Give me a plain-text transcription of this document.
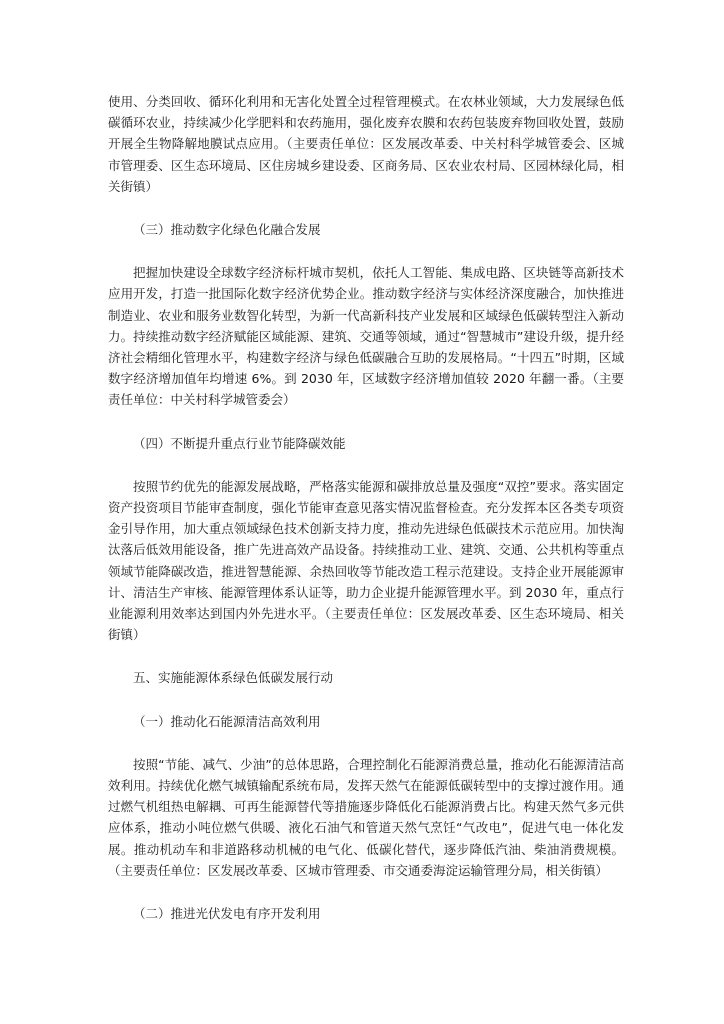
使用、分类回收、循环化利用和无害化处置全过程管理模式。在农林业领域，大力发展绿色低碳循环农业，持续减少化学肥料和农药施用，强化废弃农膜和农药包装废弃物回收处置，鼓励开展全生物降解地膜试点应用。（主要责任单位：区发展改革委、中关村科学城管委会、区城市管理委、区生态环境局、区住房城乡建设委、区商务局、区农业农村局、区园林绿化局，相关街镇）

（三）推动数字化绿色化融合发展

把握加快建设全球数字经济标杆城市契机，依托人工智能、集成电路、区块链等高新技术应用开发，打造一批国际化数字经济优势企业。推动数字经济与实体经济深度融合，加快推进制造业、农业和服务业数智化转型，为新一代高新科技产业发展和区域绿色低碳转型注入新动力。持续推动数字经济赋能区域能源、建筑、交通等领域，通过“智慧城市”建设升级，提升经济社会精细化管理水平，构建数字经济与绿色低碳融合互助的发展格局。“十四五”时期，区域数字经济增加值年均增速 6%。到 2030 年，区域数字经济增加值较 2020 年翻一番。（主要责任单位：中关村科学城管委会）

（四）不断提升重点行业节能降碳效能

按照节约优先的能源发展战略，严格落实能源和碳排放总量及强度“双控”要求。落实固定资产投资项目节能审查制度，强化节能审查意见落实情况监督检查。充分发挥本区各类专项资金引导作用，加大重点领域绿色技术创新支持力度，推动先进绿色低碳技术示范应用。加快淘汰落后低效用能设备，推广先进高效产品设备。持续推动工业、建筑、交通、公共机构等重点领域节能降碳改造，推进智慧能源、余热回收等节能改造工程示范建设。支持企业开展能源审计、清洁生产审核、能源管理体系认证等，助力企业提升能源管理水平。到 2030 年，重点行业能源利用效率达到国内外先进水平。（主要责任单位：区发展改革委、区生态环境局、相关街镇）

五、实施能源体系绿色低碳发展行动

（一）推动化石能源清洁高效利用

按照“节能、减气、少油”的总体思路，合理控制化石能源消费总量，推动化石能源清洁高效利用。持续优化燃气城镇输配系统布局，发挥天然气在能源低碳转型中的支撑过渡作用。通过燃气机组热电解耦、可再生能源替代等措施逐步降低化石能源消费占比。构建天然气多元供应体系，推动小吨位燃气供暖、液化石油气和管道天然气烹饪“气改电”，促进气电一体化发展。推动机动车和非道路移动机械的电气化、低碳化替代，逐步降低汽油、柴油消费规模。（主要责任单位：区发展改革委、区城市管理委、市交通委海淀运输管理分局，相关街镇）

（二）推进光伏发电有序开发利用
